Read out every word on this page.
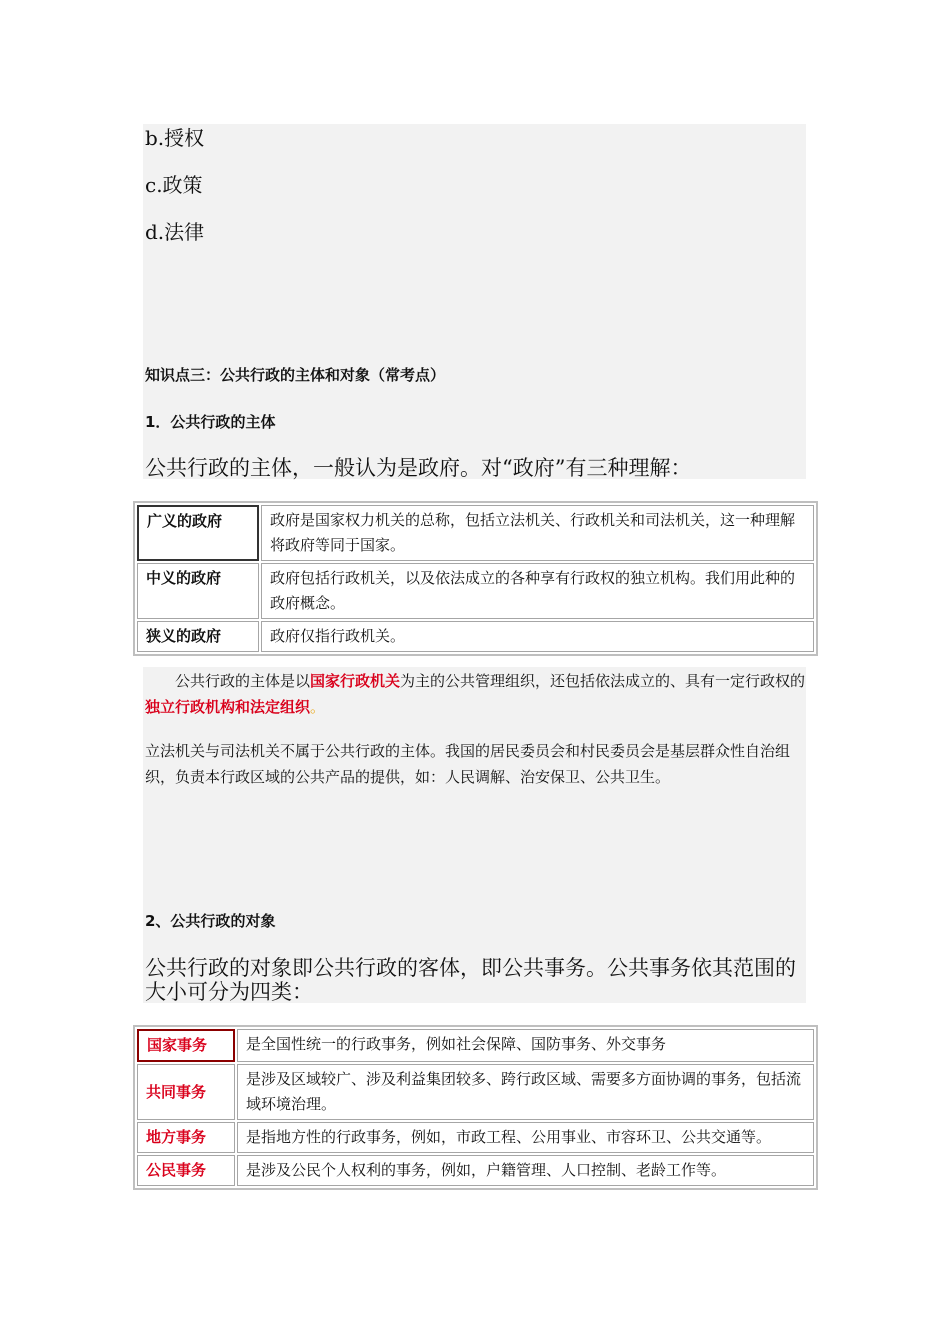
b.授权
c.政策
d.法律
知识点三：公共行政的主体和对象（常考点）
1．公共行政的主体
公共行政的主体，一般认为是政府。对“政府”有三种理解：
广义的政府	政府是国家权力机关的总称，包括立法机关、行政机关和司法机关，这一种理解将政府等同于国家。
中义的政府	政府包括行政机关，以及依法成立的各种享有行政权的独立机构。我们用此种的政府概念。
狭义的政府	政府仅指行政机关。
公共行政的主体是以国家行政机关为主的公共管理组织，还包括依法成立的、具有一定行政权的独立行政机构和法定组织。
立法机关与司法机关不属于公共行政的主体。我国的居民委员会和村民委员会是基层群众性自治组织，负责本行政区域的公共产品的提供，如：人民调解、治安保卫、公共卫生。
2、公共行政的对象
公共行政的对象即公共行政的客体，即公共事务。公共事务依其范围的大小可分为四类：
国家事务	是全国性统一的行政事务，例如社会保障、国防事务、外交事务
共同事务	是涉及区域较广、涉及利益集团较多、跨行政区域、需要多方面协调的事务，包括流域环境治理。
地方事务	是指地方性的行政事务，例如，市政工程、公用事业、市容环卫、公共交通等。
公民事务	是涉及公民个人权利的事务，例如，户籍管理、人口控制、老龄工作等。
